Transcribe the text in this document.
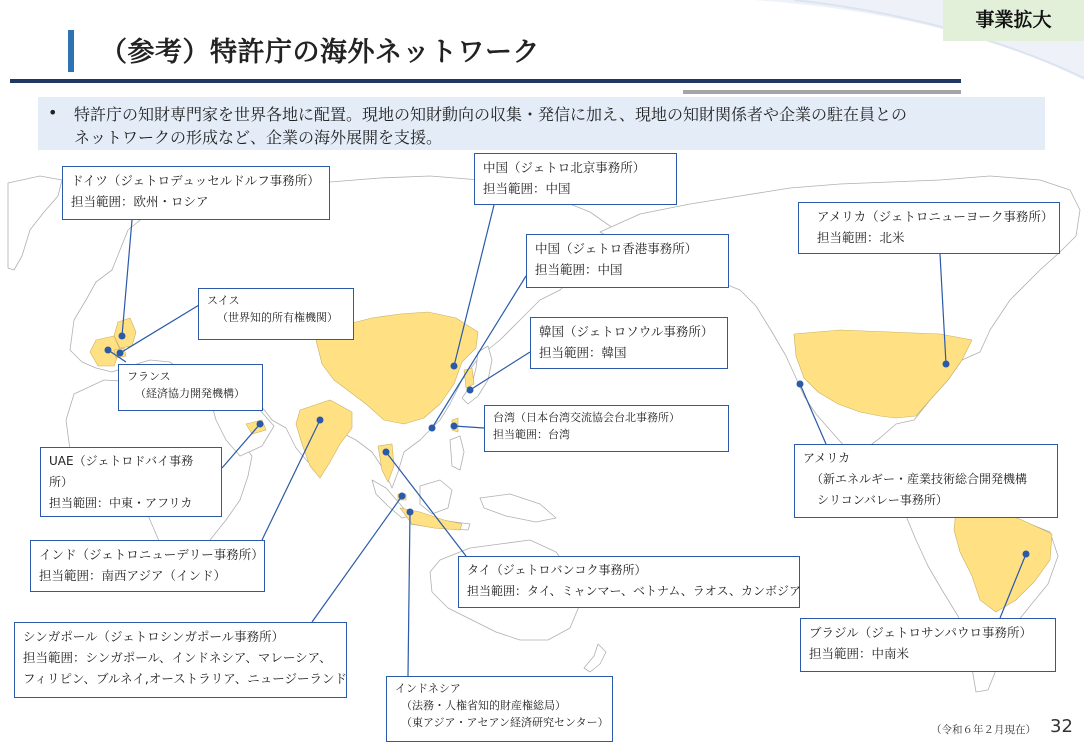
事業拡大
（参考）特許庁の海外ネットワーク
• 特許庁の知財専門家を世界各地に配置。現地の知財動向の収集・発信に加え、現地の知財関係者や企業の駐在員との
ネットワークの形成など、企業の海外展開を支援。
ドイツ（ジェトロデュッセルドルフ事務所）
担当範囲：欧州・ロシア
中国（ジェトロ北京事務所）
担当範囲：中国
アメリカ（ジェトロニューヨーク事務所）
担当範囲：北米
中国（ジェトロ香港事務所）
担当範囲：中国
スイス
（世界知的所有権機関）
韓国（ジェトロソウル事務所）
担当範囲：韓国
フランス
（経済協力開発機構）
台湾（日本台湾交流協会台北事務所）
担当範囲：台湾
アメリカ
（新エネルギー・産業技術総合開発機構
シリコンバレー事務所）
UAE（ジェトロドバイ事務
所）
担当範囲：中東・アフリカ
インド（ジェトロニューデリー事務所）
担当範囲：南西アジア（インド）	タイ（ジェトロバンコク事務所）
担当範囲：タイ、ミャンマー、ベトナム、ラオス、カンボジア
シンガポール（ジェトロシンガポール事務所）
担当範囲：シンガポール、インドネシア、マレーシア、
フィリピン、ブルネイ,オーストラリア、ニュージーランド
ブラジル（ジェトロサンパウロ事務所）
担当範囲：中南米
インドネシア
（法務・人権省知的財産権総局）
（東アジア・アセアン経済研究センター）
（令和６年２月現在） 32
